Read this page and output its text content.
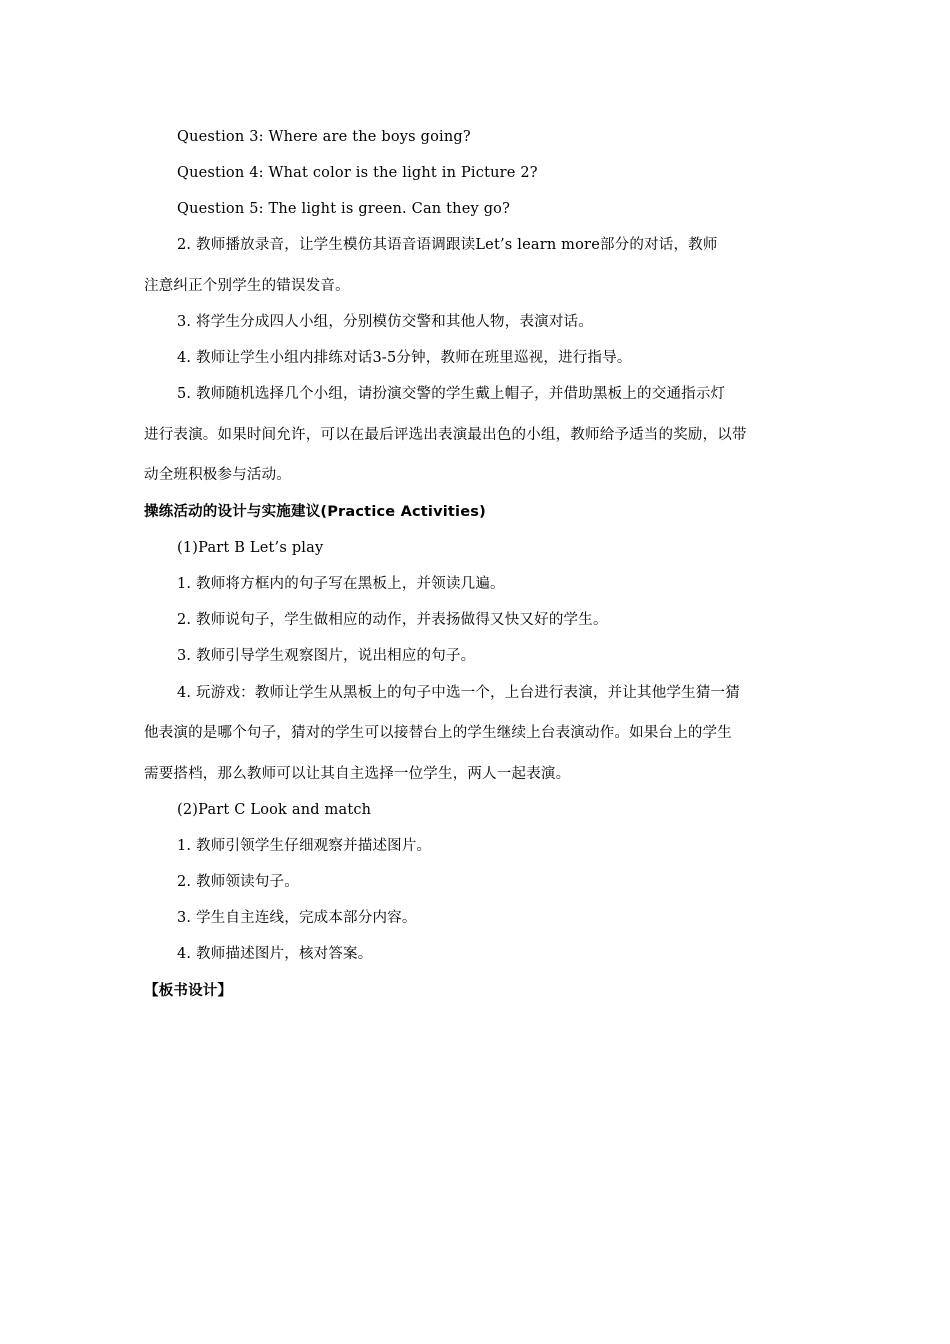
Question 3: Where are the boys going?
Question 4: What color is the light in Picture 2?
Question 5: The light is green. Can they go?
2. 教师播放录音，让学生模仿其语音语调跟读Let’s learn more部分的对话，教师
注意纠正个别学生的错误发音。
3. 将学生分成四人小组，分别模仿交警和其他人物，表演对话。
4. 教师让学生小组内排练对话3-5分钟，教师在班里巡视，进行指导。
5. 教师随机选择几个小组，请扮演交警的学生戴上帽子，并借助黑板上的交通指示灯
进行表演。如果时间允许，可以在最后评选出表演最出色的小组，教师给予适当的奖励，以带
动全班积极参与活动。
操练活动的设计与实施建议(Practice Activities)
(1)Part B Let’s play
1. 教师将方框内的句子写在黑板上，并领读几遍。
2. 教师说句子，学生做相应的动作，并表扬做得又快又好的学生。
3. 教师引导学生观察图片，说出相应的句子。
4. 玩游戏：教师让学生从黑板上的句子中选一个，上台进行表演，并让其他学生猜一猜
他表演的是哪个句子，猜对的学生可以接替台上的学生继续上台表演动作。如果台上的学生
需要搭档，那么教师可以让其自主选择一位学生，两人一起表演。
(2)Part C Look and match
1. 教师引领学生仔细观察并描述图片。
2. 教师领读句子。
3. 学生自主连线，完成本部分内容。
4. 教师描述图片，核对答案。
【板书设计】
